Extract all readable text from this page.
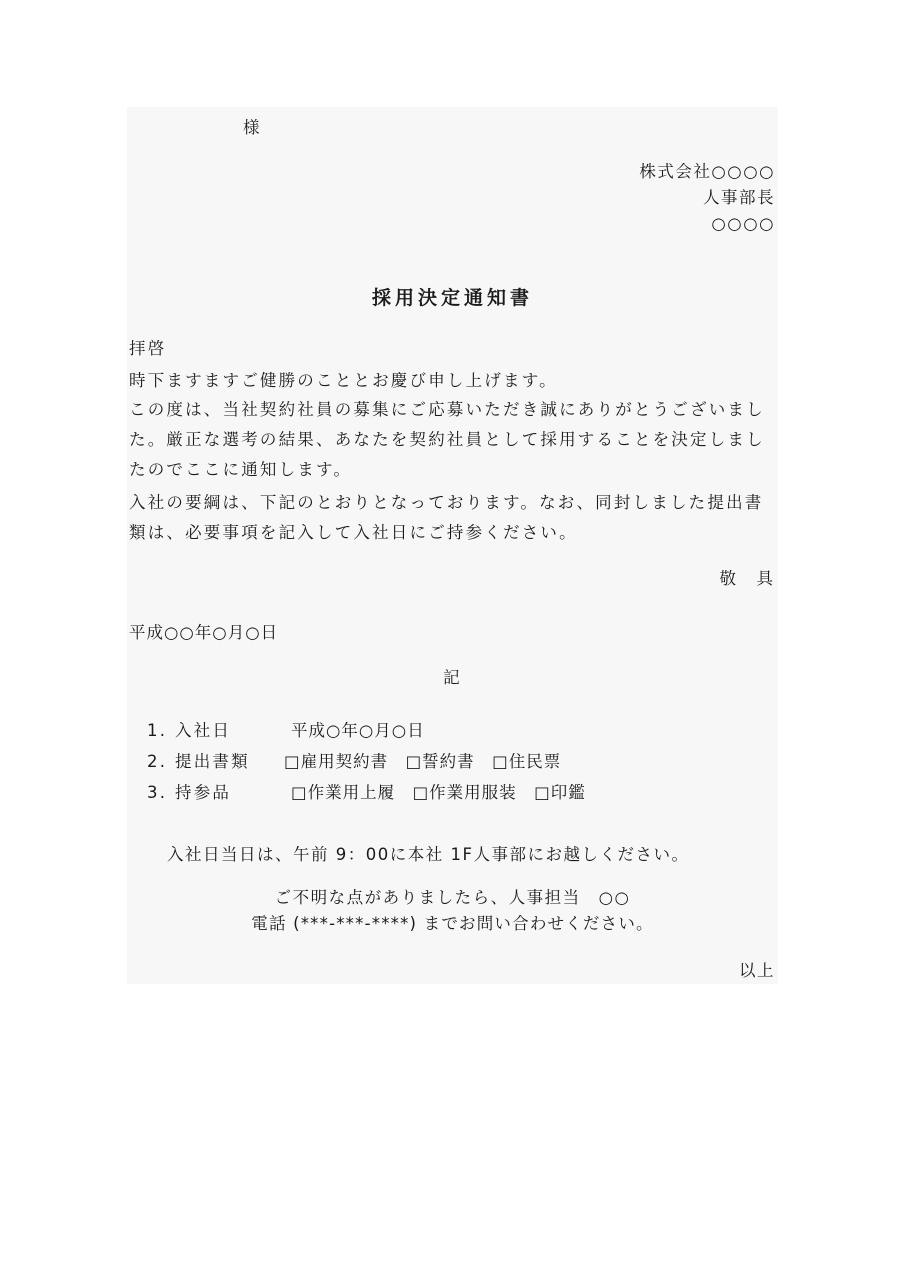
様
株式会社○○○○
人事部長
○○○○
採用決定通知書
拝啓
時下ますますご健勝のこととお慶び申し上げます。
この度は、当社契約社員の募集にご応募いただき誠にありがとうございまし
た。厳正な選考の結果、あなたを契約社員として採用することを決定しまし
たのでここに通知します。
入社の要綱は、下記のとおりとなっております。なお、同封しました提出書
類は、必要事項を記入して入社日にご持参ください。
敬　具
平成○○年○月○日
記
1. 入社日	平成○年○月○日
2. 提出書類 □雇用契約書　□誓約書　□住民票
3. 持参品	□作業用上履　□作業用服装　□印鑑
入社日当日は、午前 9：00に本社 1F人事部にお越しください。
ご不明な点がありましたら、人事担当　○○
電話 (***-***-****) までお問い合わせください。
以上
